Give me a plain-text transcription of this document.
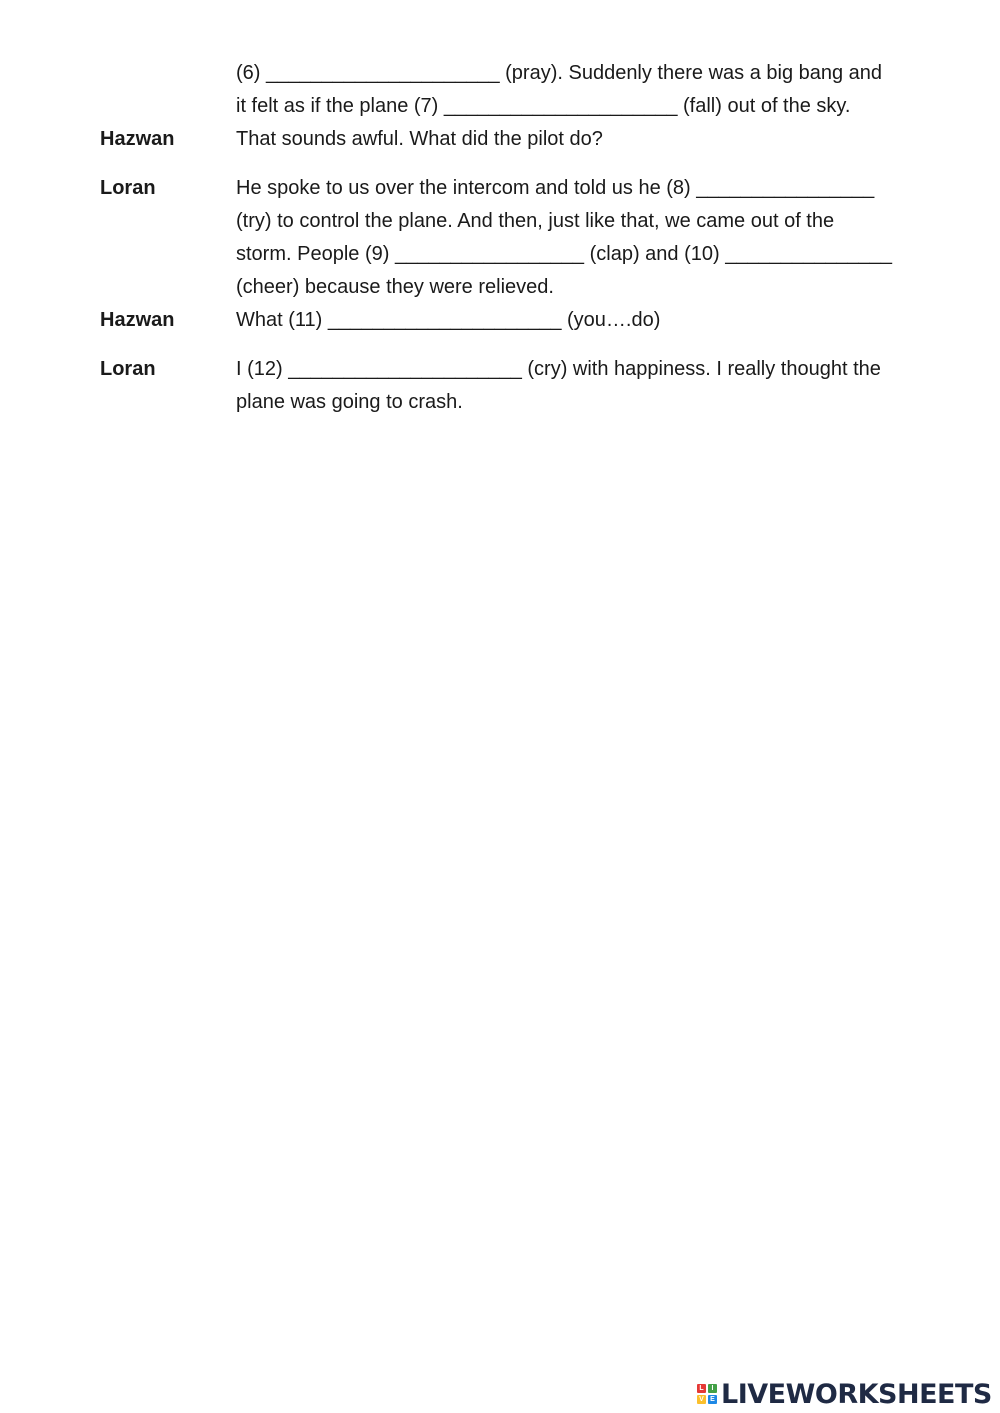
(6) _____________________ (pray). Suddenly there was a big bang and
it felt as if the plane (7) _____________________ (fall) out of the sky.
Hazwan	That sounds awful. What did the pilot do?
Loran	He spoke to us over the intercom and told us he (8) ________________
(try) to control the plane. And then, just like that, we came out of the
storm. People (9) _________________ (clap) and (10) _______________
(cheer) because they were relieved.
Hazwan	What (11) _____________________ (you….do)
Loran	I (12) _____________________ (cry) with happiness. I really thought the
plane was going to crash.
L	I
V E LIVEWORKSHEETS
